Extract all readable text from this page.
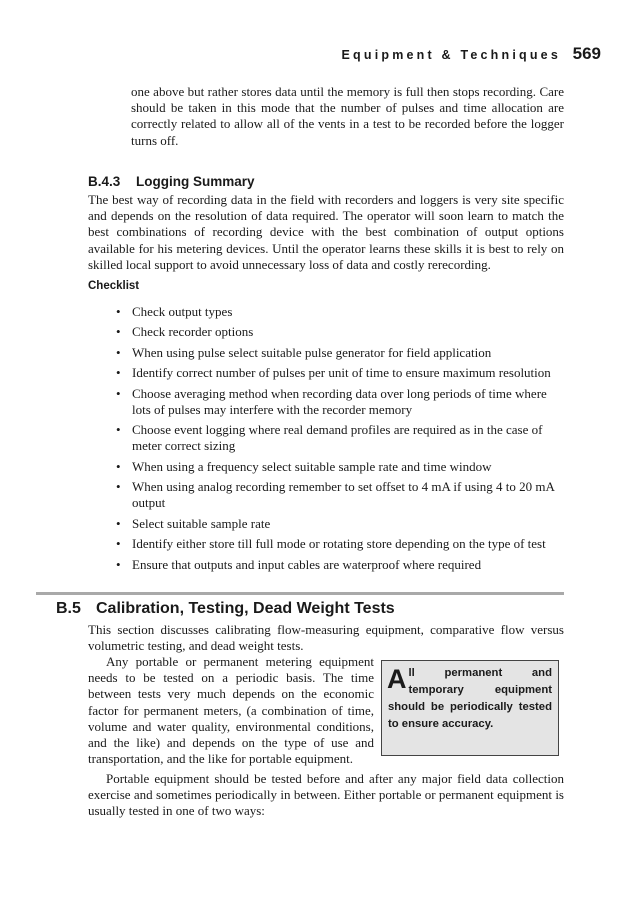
Equipment & Techniques 569
one above but rather stores data until the memory is full then stops recording. Care should be taken in this mode that the number of pulses and time allocation are correctly related to allow all of the vents in a test to be recorded before the logger turns off.
B.4.3 Logging Summary
The best way of recording data in the field with recorders and loggers is very site specific and depends on the resolution of data required. The operator will soon learn to match the best combinations of recording device with the best combination of output options available for his metering devices. Until the operator learns these skills it is best to rely on skilled local support to avoid unnecessary loss of data and costly rerecording.
Checklist
• Check output types
• Check recorder options
• When using pulse select suitable pulse generator for field application
• Identify correct number of pulses per unit of time to ensure maximum resolution
• Choose averaging method when recording data over long periods of time where lots of pulses may interfere with the recorder memory
• Choose event logging where real demand profiles are required as in the case of meter correct sizing
• When using a frequency select suitable sample rate and time window
• When using analog recording remember to set offset to 4 mA if using 4 to 20 mA output
• Select suitable sample rate
• Identify either store till full mode or rotating store depending on the type of test
• Ensure that outputs and input cables are waterproof where required
B.5 Calibration, Testing, Dead Weight Tests
This section discusses calibrating flow-measuring equipment, comparative flow versus volumetric testing, and dead weight tests.
Any portable or permanent metering equipment needs to be tested on a periodic basis. The time between tests very much depends on the economic factor for permanent meters, (a combination of time, volume and water quality, environmental conditions, and the like) and depends on the type of use and transportation, and the like for portable equipment.
All permanent and temporary equipment should be periodically tested to ensure accuracy.
Portable equipment should be tested before and after any major field data collection exercise and sometimes periodically in between. Either portable or permanent equipment is usually tested in one of two ways:
